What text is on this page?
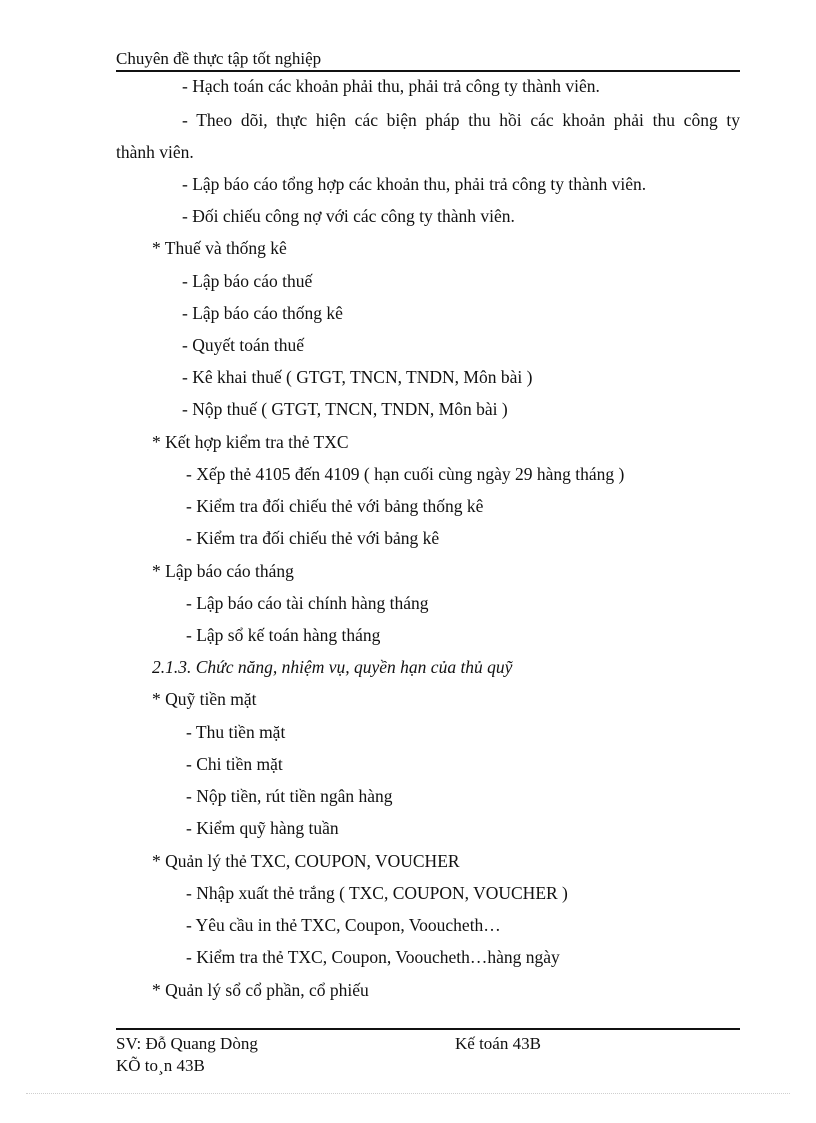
Chuyên đề thực tập tốt nghiệp
- Hạch toán các khoản phải thu, phải trả công ty thành viên.
- Theo dõi, thực hiện các biện pháp thu hồi các khoản phải thu công ty
thành viên.
- Lập báo cáo tổng hợp các khoản thu, phải trả công ty thành viên.
- Đối chiếu công nợ với các công ty thành viên.
* Thuế và thống kê
- Lập báo cáo thuế
- Lập báo cáo thống kê
- Quyết toán thuế
- Kê khai thuế ( GTGT, TNCN, TNDN, Môn bài )
- Nộp thuế ( GTGT, TNCN, TNDN, Môn bài )
* Kết hợp kiểm tra thẻ TXC
- Xếp thẻ 4105 đến 4109 ( hạn cuối cùng ngày 29 hàng tháng )
- Kiểm tra đối chiếu thẻ với bảng thống kê
- Kiểm tra đối chiếu thẻ với bảng kê
* Lập báo cáo tháng
- Lập báo cáo tài chính hàng tháng
- Lập sổ kế toán hàng tháng
2.1.3. Chức năng, nhiệm vụ, quyền hạn của thủ quỹ
* Quỹ tiền mặt
- Thu tiền mặt
- Chi tiền mặt
- Nộp tiền, rút tiền ngân hàng
- Kiểm quỹ hàng tuần
* Quản lý thẻ TXC, COUPON, VOUCHER
- Nhập xuất thẻ trắng ( TXC, COUPON, VOUCHER )
- Yêu cầu in thẻ TXC, Coupon, Vooucheth…
- Kiểm tra thẻ TXC, Coupon, Vooucheth…hàng ngày
* Quản lý sổ cổ phần, cổ phiếu
SV: Đỗ Quang Dòng	Kế toán 43B
KÕ to¸n 43B
